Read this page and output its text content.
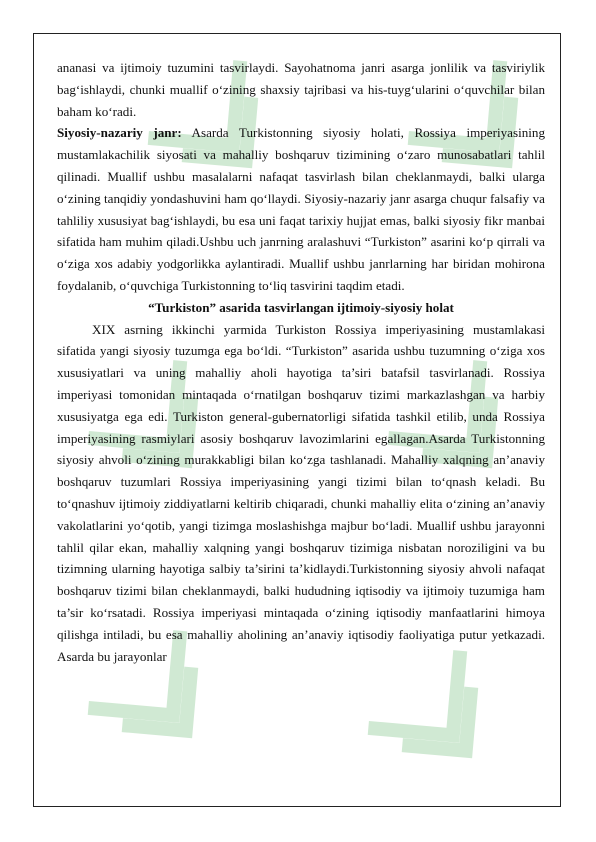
ananasi va ijtimoiy tuzumini tasvirlaydi. Sayohatnoma janri asarga jonlilik va tasviriylik bag‘ishlaydi, chunki muallif o‘zining shaxsiy tajribasi va his-tuyg‘ularini o‘quvchilar bilan baham ko‘radi.

Siyosiy-nazariy janr: Asarda Turkistonning siyosiy holati, Rossiya imperiyasining mustamlakachilik siyosati va mahalliy boshqaruv tizimining o‘zaro munosabatlari tahlil qilinadi. Muallif ushbu masalalarni nafaqat tasvirlash bilan cheklanmaydi, balki ularga o‘zining tanqidiy yondashuvini ham qo‘llaydi. Siyosiy-nazariy janr asarga chuqur falsafiy va tahliliy xususiyat bag‘ishlaydi, bu esa uni faqat tarixiy hujjat emas, balki siyosiy fikr manbai sifatida ham muhim qiladi.Ushbu uch janrning aralashuvi “Turkiston” asarini ko‘p qirrali va o‘ziga xos adabiy yodgorlikka aylantiradi. Muallif ushbu janrlarning har biridan mohirona foydalanib, o‘quvchiga Turkistonning to‘liq tasvirini taqdim etadi.

“Turkiston” asarida tasvirlangan ijtimoiy-siyosiy holat

XIX asrning ikkinchi yarmida Turkiston Rossiya imperiyasining mustamlakasi sifatida yangi siyosiy tuzumga ega bo‘ldi. “Turkiston” asarida ushbu tuzumning o‘ziga xos xususiyatlari va uning mahalliy aholi hayotiga ta’siri batafsil tasvirlanadi. Rossiya imperiyasi tomonidan mintaqada o‘rnatilgan boshqaruv tizimi markazlashgan va harbiy xususiyatga ega edi. Turkiston general-gubernatorligi sifatida tashkil etilib, unda Rossiya imperiyasining rasmiylari asosiy boshqaruv lavozimlarini egallagan.Asarda Turkistonning siyosiy ahvoli o‘zining murakkabligi bilan ko‘zga tashlanadi. Mahalliy xalqning an’anaviy boshqaruv tuzumlari Rossiya imperiyasining yangi tizimi bilan to‘qnash keladi. Bu to‘qnashuv ijtimoiy ziddiyatlarni keltirib chiqaradi, chunki mahalliy elita o‘zining an’anaviy vakolatlarini yo‘qotib, yangi tizimga moslashishga majbur bo‘ladi. Muallif ushbu jarayonni tahlil qilar ekan, mahalliy xalqning yangi boshqaruv tizimiga nisbatan noroziligini va bu tizimning ularning hayotiga salbiy ta’sirini ta’kidlaydi.Turkistonning siyosiy ahvoli nafaqat boshqaruv tizimi bilan cheklanmaydi, balki hududning iqtisodiy va ijtimoiy tuzumiga ham ta’sir ko‘rsatadi. Rossiya imperiyasi mintaqada o‘zining iqtisodiy manfaatlarini himoya qilishga intiladi, bu esa mahalliy aholining an’anaviy iqtisodiy faoliyatiga putur yetkazadi. Asarda bu jarayonlar
